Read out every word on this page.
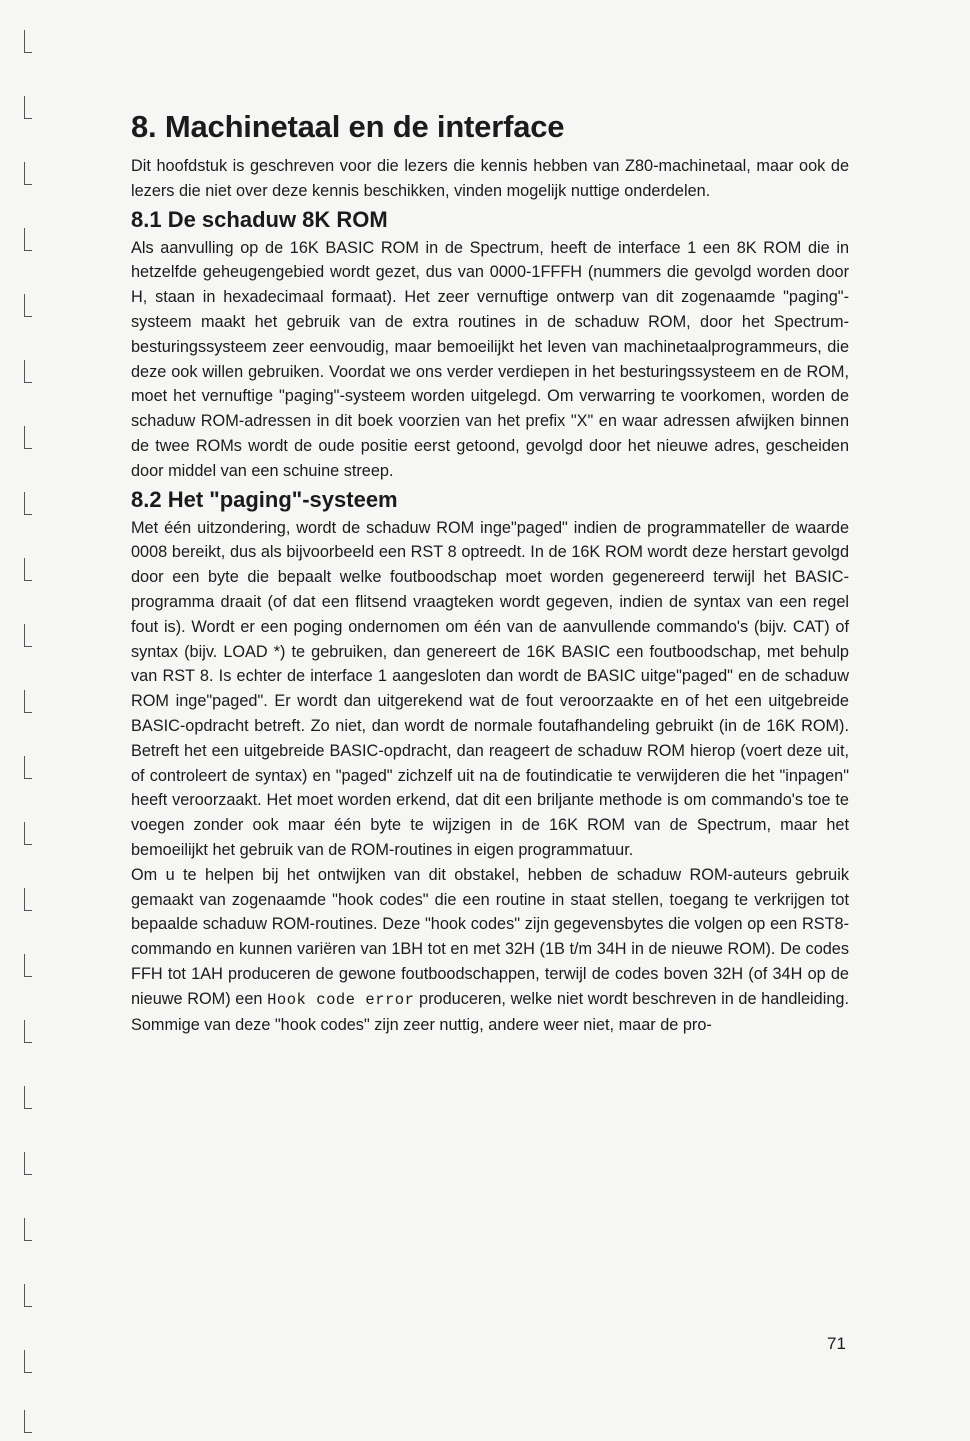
8. Machinetaal en de interface

Dit hoofdstuk is geschreven voor die lezers die kennis hebben van Z80-machinetaal, maar ook de lezers die niet over deze kennis beschikken, vinden mogelijk nuttige onderdelen.

8.1 De schaduw 8K ROM

Als aanvulling op de 16K BASIC ROM in de Spectrum, heeft de interface 1 een 8K ROM die in hetzelfde geheugengebied wordt gezet, dus van 0000-1FFFH (nummers die gevolgd worden door H, staan in hexadecimaal formaat). Het zeer vernuftige ontwerp van dit zogenaamde "paging"-systeem maakt het gebruik van de extra routines in de schaduw ROM, door het Spectrum-besturingssysteem zeer eenvoudig, maar bemoeilijkt het leven van machinetaalprogrammeurs, die deze ook willen gebruiken. Voordat we ons verder verdiepen in het besturingssysteem en de ROM, moet het vernuftige "paging"-systeem worden uitgelegd. Om verwarring te voorkomen, worden de schaduw ROM-adressen in dit boek voorzien van het prefix "X" en waar adressen afwijken binnen de twee ROMs wordt de oude positie eerst getoond, gevolgd door het nieuwe adres, gescheiden door middel van een schuine streep.

8.2 Het "paging"-systeem

Met één uitzondering, wordt de schaduw ROM inge"paged" indien de programmateller de waarde 0008 bereikt, dus als bijvoorbeeld een RST 8 optreedt. In de 16K ROM wordt deze herstart gevolgd door een byte die bepaalt welke foutboodschap moet worden gegenereerd terwijl het BASIC-programma draait (of dat een flitsend vraagteken wordt gegeven, indien de syntax van een regel fout is). Wordt er een poging ondernomen om één van de aanvullende commando's (bijv. CAT) of syntax (bijv. LOAD *) te gebruiken, dan genereert de 16K BASIC een foutboodschap, met behulp van RST 8. Is echter de interface 1 aangesloten dan wordt de BASIC uitge"paged" en de schaduw ROM inge"paged". Er wordt dan uitgerekend wat de fout veroorzaakte en of het een uitgebreide BASIC-opdracht betreft. Zo niet, dan wordt de normale foutafhandeling gebruikt (in de 16K ROM). Betreft het een uitgebreide BASIC-opdracht, dan reageert de schaduw ROM hierop (voert deze uit, of controleert de syntax) en "paged" zichzelf uit na de foutindicatie te verwijderen die het "inpagen" heeft veroorzaakt. Het moet worden erkend, dat dit een briljante methode is om commando's toe te voegen zonder ook maar één byte te wijzigen in de 16K ROM van de Spectrum, maar het bemoeilijkt het gebruik van de ROM-routines in eigen programmatuur.

Om u te helpen bij het ontwijken van dit obstakel, hebben de schaduw ROM-auteurs gebruik gemaakt van zogenaamde "hook codes" die een routine in staat stellen, toegang te verkrijgen tot bepaalde schaduw ROM-routines. Deze "hook codes" zijn gegevensbytes die volgen op een RST8-commando en kunnen variëren van 1BH tot en met 32H (1B t/m 34H in de nieuwe ROM). De codes FFH tot 1AH produceren de gewone foutboodschappen, terwijl de codes boven 32H (of 34H op de nieuwe ROM) een Hook code error produceren, welke niet wordt beschreven in de handleiding. Sommige van deze "hook codes" zijn zeer nuttig, andere weer niet, maar de pro-

71
